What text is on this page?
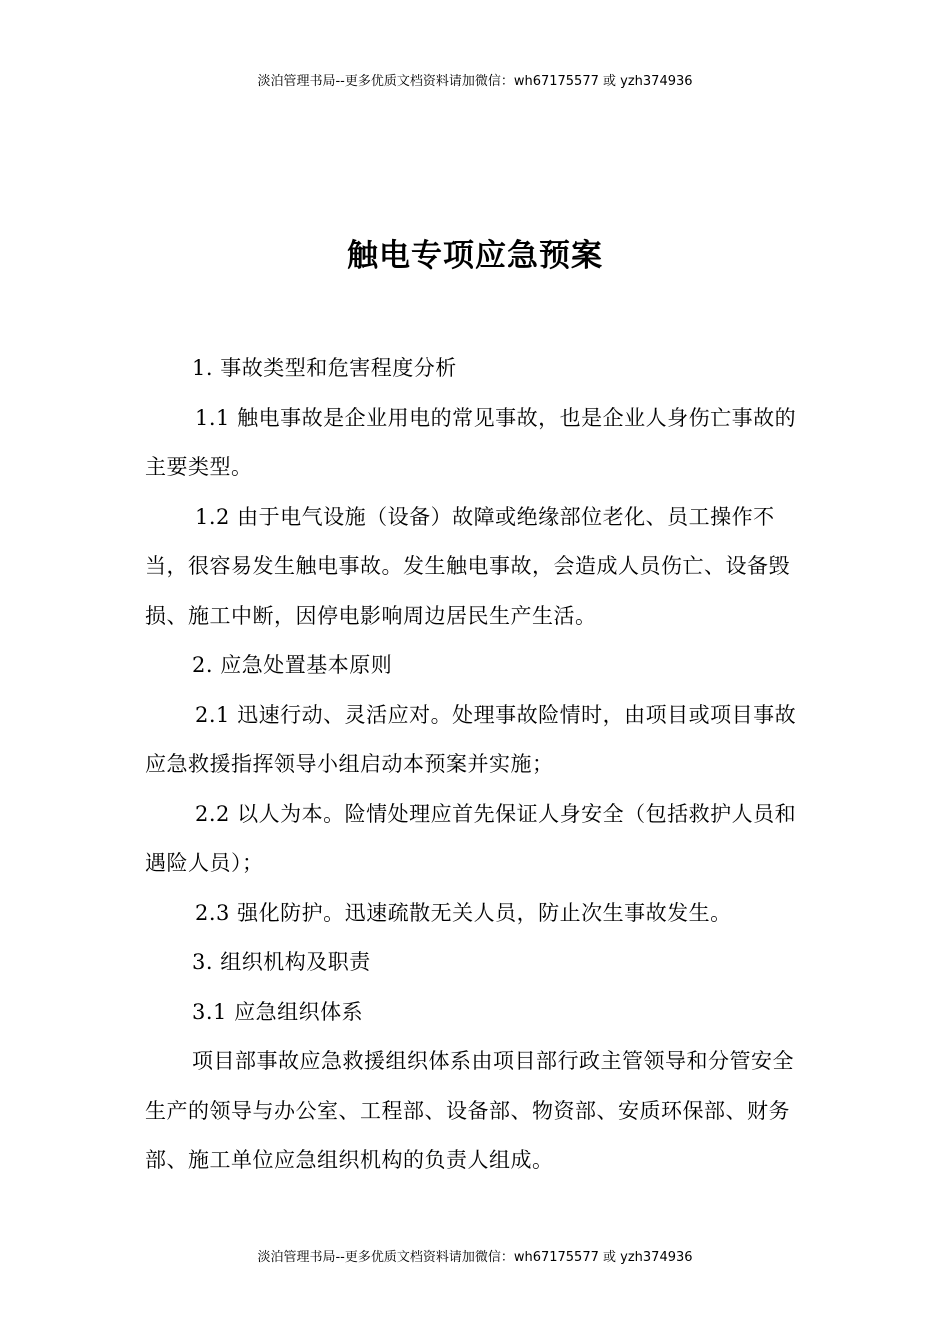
淡泊管理书局--更多优质文档资料请加微信：wh67175577 或 yzh374936
触电专项应急预案

1. 事故类型和危害程度分析

1.1 触电事故是企业用电的常见事故，也是企业人身伤亡事故的主要类型。

1.2 由于电气设施（设备）故障或绝缘部位老化、员工操作不当，很容易发生触电事故。发生触电事故，会造成人员伤亡、设备毁损、施工中断，因停电影响周边居民生产生活。

2. 应急处置基本原则

2.1 迅速行动、灵活应对。处理事故险情时，由项目或项目事故应急救援指挥领导小组启动本预案并实施；

2.2 以人为本。险情处理应首先保证人身安全（包括救护人员和遇险人员）；

2.3 强化防护。迅速疏散无关人员，防止次生事故发生。

3. 组织机构及职责

3.1 应急组织体系

项目部事故应急救援组织体系由项目部行政主管领导和分管安全生产的领导与办公室、工程部、设备部、物资部、安质环保部、财务部、施工单位应急组织机构的负责人组成。

淡泊管理书局--更多优质文档资料请加微信：wh67175577 或 yzh374936
